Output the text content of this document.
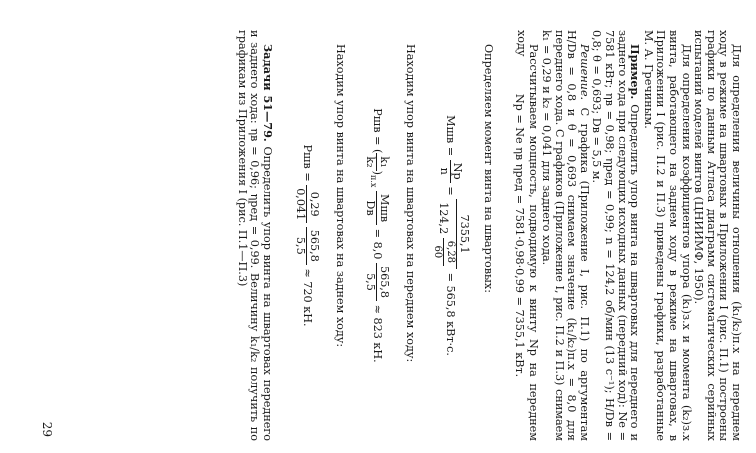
Для определения величины отношения (k₁/k₂)п.х на переднем ходу в режиме на швартовых в Приложении I (рис. П.1) построены графики по данным Атласа диаграмм систематических серийных испытаний моделей винтов (ЦНИИМФ, 1950).

Для определения коэффициентов упора (k₁)з.х и момента (k₂)з.х винта, работающего на заднем ходу в режиме на швартовах, в Приложении I (рис. П.2 и П.3) приведены графики, разработанные М. А. Гречиным.

Пример. Определить упор винта на швартовых для переднего и заднего хода при следующих исходных данных (передний ход): Nе = 7581 кВт; ηв = 0,98; ηред = 0,99; n = 124,2 об/мин (13 с⁻¹); H/Dв = 0,8; θ = 0,693; Dв = 5,5 м.

Решение. С графика (Приложение I, рис. П.1) по аргументам H/Dв = 0,8 и θ = 0,693 снимаем значение (k₁/k₂)п.х = 8,0 для переднего хода. С графиков (Приложение I, рис. П.2 и П.3) снимаем k₁ = 0,29 и k₂ = 0,041 для заднего хода.

Рассчитываем мощность, подводимую к винту Np на переднем ходу

Np = Nе ηв ηред = 7581·0,98·0,99 = 7355,1 кВт.

Определяем момент винта на швартовых:

Mшв =
Np
n
=
7355,1
124,2
6,28
60
= 565,8 кВт·с.

Находим упор винта на швартовах на переднем ходу:

Pшв = (
k₁
k₂
)$_{п.х}$
Mшв
Dв
= 8,0
565,8
5,5
≈ 823 кН.

Находим упор винта на швартовах на заднем ходу:

Pшв =
0,29
0,041

565,8
5,5
≈ 720 кН.

Задачи 51—79. Определить упор винта на швартовах переднего и заднего хода: ηв = 0,96; ηред = 0,99. Величину k₁/k₂ получить по графикам из Приложения I (рис. П.1—П.3)

29
